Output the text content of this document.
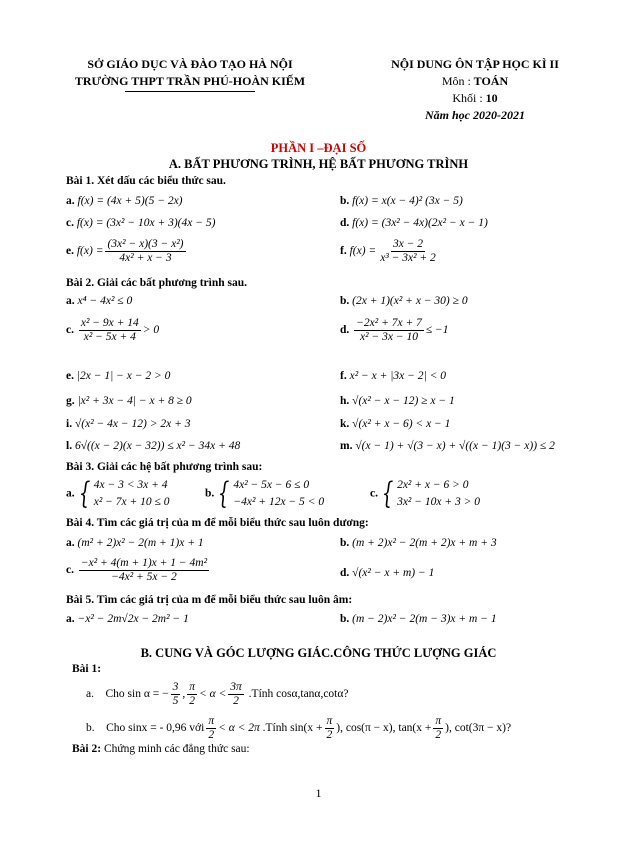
SỞ GIÁO DỤC VÀ ĐÀO TẠO HÀ NỘI
TRƯỜNG THPT TRẦN PHÚ-HOÀN KIẾM
NỘI DUNG ÔN TẬP HỌC KÌ II
Môn : TOÁN
Khối : 10
Năm học 2020-2021
PHẦN I –ĐẠI SỐ
A. BẤT PHƯƠNG TRÌNH, HỆ BẤT PHƯƠNG TRÌNH
Bài 1. Xét dấu các biểu thức sau.
a. f(x) = (4x + 5)(5 − 2x)	b. f(x) = x(x − 4)² (3x − 5)
c. f(x) = (3x² − 10x + 3)(4x − 5)	d. f(x) = (3x² − 4x)(2x² − x − 1)
e. $f(x) = \frac{\text{(3x² − x)(3 − x²)}}{\text{4x² + x − 3}}$	f. $f(x) = \frac{3x - 2}{\text{x³ − 3x² + 2}}$
Bài 2. Giải các bất phương trình sau.
a. x⁴ − 4x² ≤ 0	b. (2x + 1)(x² + x − 30) ≥ 0
c. $\frac{\text{x² − 9x + 14}}{\text{x² − 5x + 4}} > 0$	d. $\frac{\text{−2x² + 7x + 7}}{\text{x² − 3x − 10}} \le -1$
e. |2x − 1| − x − 2 > 0	f. x² − x + |3x − 2| < 0
g. |x² + 3x − 4| − x + 8 ≥ 0	h. √(x² − x − 12) ≥ x − 1
i. √(x² − 4x − 12) > 2x + 3	k. √(x² + x − 6) < x − 1
l. 6√((x − 2)(x − 32)) ≤ x² − 34x + 48	m. √(x − 1) + √(3 − x) + √((x − 1)(3 − x)) ≤ 2
Bài 3. Giải các hệ bất phương trình sau:
a. { 4x − 3 < 3x + 4
x² − 7x + 10 ≤ 0
b. { 4x² − 5x − 6 ≤ 0
−4x² + 12x − 5 < 0
c. { 2x² + x − 6 > 0
3x² − 10x + 3 > 0
Bài 4. Tìm các giá trị của m để mỗi biểu thức sau luôn dương:
a. (m² + 2)x² − 2(m + 1)x + 1	b. (m + 2)x² − 2(m + 2)x + m + 3
c. $\frac{\text{−x² + 4(m + 1)x + 1 − 4m²}}{\text{−4x² + 5x − 2}}$	d. √(x² − x + m) − 1
Bài 5. Tìm các giá trị của m để mỗi biểu thức sau luôn âm:
a. −x² − 2m√2x − 2m² − 1	b. (m − 2)x² − 2(m − 3)x + m − 1
B. CUNG VÀ GÓC LƯỢNG GIÁC.CÔNG THỨC LƯỢNG GIÁC
Bài 1:
a. Cho sin α = − $\frac{3}{5}$ , $\frac{\pi}{2} < \alpha < \frac{3\pi}{2}$ .Tính cosα,tanα,cotα?
b. Cho sinx = - 0,96 với $\frac{\pi}{2} < \alpha < 2\pi$ .Tính $\sin(x + \frac{\pi}{2}$ ), cos(π − x), $\tan(x + \frac{\pi}{2}$ ), cot(3π − x)?
Bài 2: Chứng minh các đẳng thức sau:
1
